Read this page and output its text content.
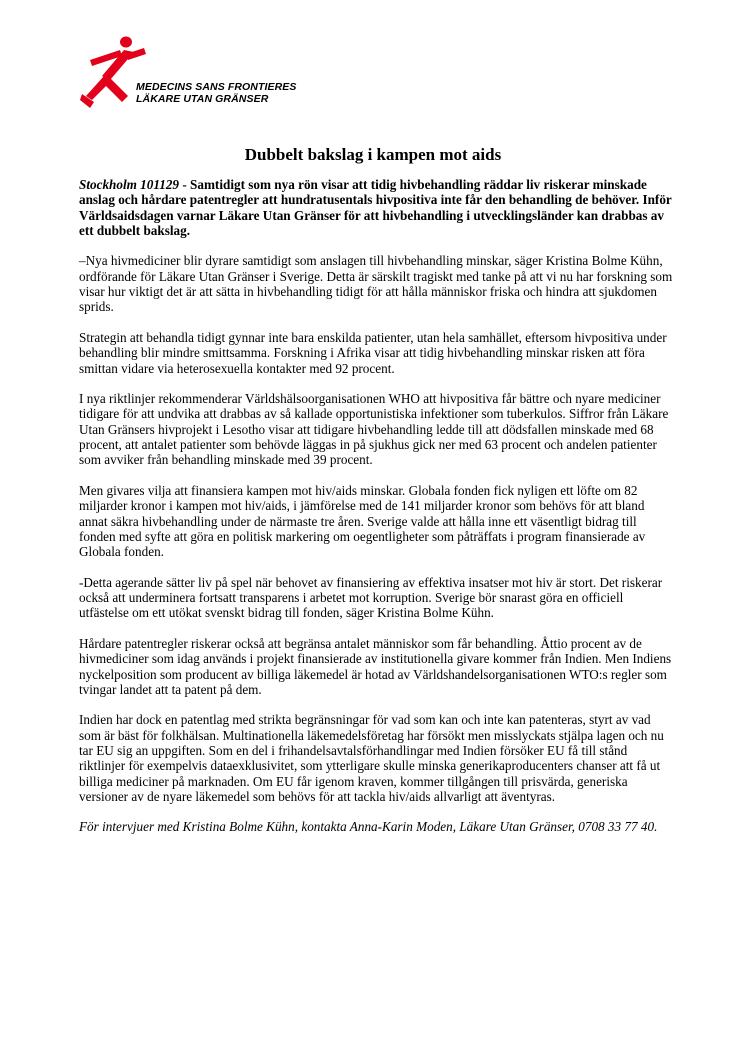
MEDECINS SANS FRONTIERES
LÄKARE UTAN GRÄNSER
Dubbelt bakslag i kampen mot aids

Stockholm 101129 - Samtidigt som nya rön visar att tidig hivbehandling räddar liv riskerar minskade anslag och hårdare patentregler att hundratusentals hivpositiva inte får den behandling de behöver. Inför Världsaidsdagen varnar Läkare Utan Gränser för att hivbehandling i utvecklingsländer kan drabbas av ett dubbelt bakslag.

–Nya hivmediciner blir dyrare samtidigt som anslagen till hivbehandling minskar, säger Kristina Bolme Kühn, ordförande för Läkare Utan Gränser i Sverige. Detta är särskilt tragiskt med tanke på att vi nu har forskning som visar hur viktigt det är att sätta in hivbehandling tidigt för att hålla människor friska och hindra att sjukdomen sprids.

Strategin att behandla tidigt gynnar inte bara enskilda patienter, utan hela samhället, eftersom hivpositiva under behandling blir mindre smittsamma. Forskning i Afrika visar att tidig hivbehandling minskar risken att föra smittan vidare via heterosexuella kontakter med 92 procent.

I nya riktlinjer rekommenderar Världshälsoorganisationen WHO att hivpositiva får bättre och nyare mediciner tidigare för att undvika att drabbas av så kallade opportunistiska infektioner som tuberkulos. Siffror från Läkare Utan Gränsers hivprojekt i Lesotho visar att tidigare hivbehandling ledde till att dödsfallen minskade med 68 procent, att antalet patienter som behövde läggas in på sjukhus gick ner med 63 procent och andelen patienter som avviker från behandling minskade med 39 procent.

Men givares vilja att finansiera kampen mot hiv/aids minskar. Globala fonden fick nyligen ett löfte om 82 miljarder kronor i kampen mot hiv/aids, i jämförelse med de 141 miljarder kronor som behövs för att bland annat säkra hivbehandling under de närmaste tre åren. Sverige valde att hålla inne ett väsentligt bidrag till fonden med syfte att göra en politisk markering om oegentligheter som påträffats i program finansierade av Globala fonden.

-Detta agerande sätter liv på spel när behovet av finansiering av effektiva insatser mot hiv är stort. Det riskerar också att underminera fortsatt transparens i arbetet mot korruption. Sverige bör snarast göra en officiell utfästelse om ett utökat svenskt bidrag till fonden, säger Kristina Bolme Kühn.

Hårdare patentregler riskerar också att begränsa antalet människor som får behandling. Åttio procent av de hivmediciner som idag används i projekt finansierade av institutionella givare kommer från Indien. Men Indiens nyckelposition som producent av billiga läkemedel är hotad av Världshandelsorganisationen WTO:s regler som tvingar landet att ta patent på dem.

Indien har dock en patentlag med strikta begränsningar för vad som kan och inte kan patenteras, styrt av vad som är bäst för folkhälsan. Multinationella läkemedelsföretag har försökt men misslyckats stjälpa lagen och nu tar EU sig an uppgiften. Som en del i frihandelsavtalsförhandlingar med Indien försöker EU få till stånd riktlinjer för exempelvis dataexklusivitet, som ytterligare skulle minska generikaproducenters chanser att få ut billiga mediciner på marknaden. Om EU får igenom kraven, kommer tillgången till prisvärda, generiska versioner av de nyare läkemedel som behövs för att tackla hiv/aids allvarligt att äventyras.

För intervjuer med Kristina Bolme Kühn, kontakta Anna-Karin Moden, Läkare Utan Gränser, 0708 33 77 40.
